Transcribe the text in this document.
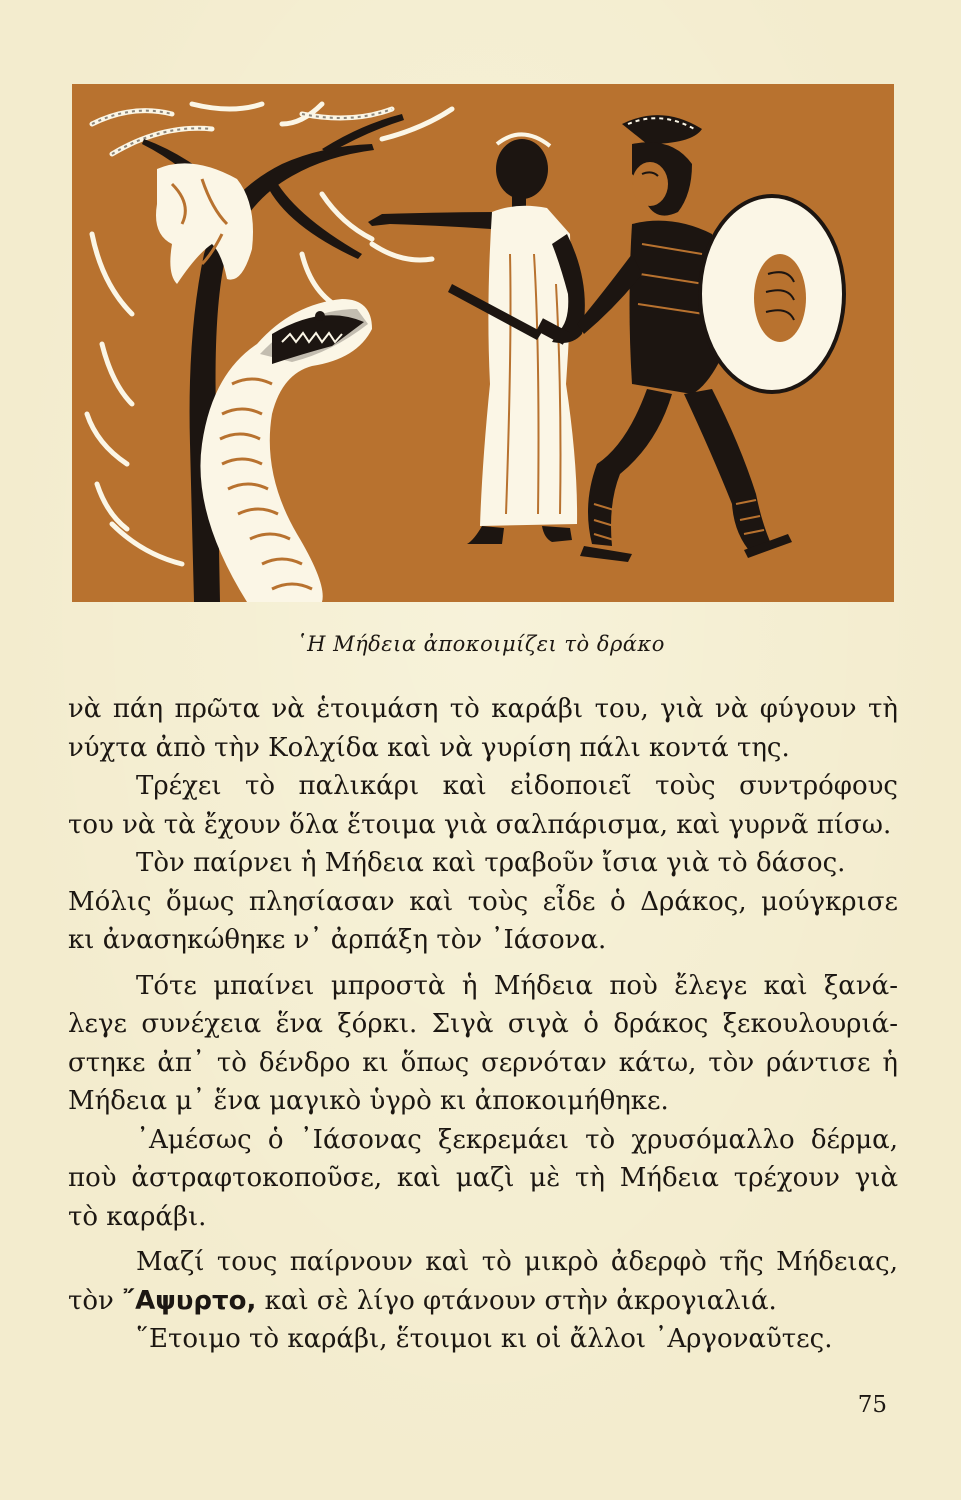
῾Η Μήδεια ἀποκοιμίζει τὸ δράκο
νὰ πάη πρῶτα νὰ ἑτοιμάση τὸ καράβι του, γιὰ νὰ φύγουν τὴ
νύχτα ἀπὸ τὴν Κολχίδα καὶ νὰ γυρίση πάλι κοντά της.
Τρέχει τὸ παλικάρι καὶ εἰδοποιεῖ τοὺς συντρόφους
του νὰ τὰ ἔχουν ὅλα ἕτοιμα γιὰ σαλπάρισμα, καὶ γυρνᾶ πίσω.
Τὸν παίρνει ἡ Μήδεια καὶ τραβοῦν ἴσια γιὰ τὸ δάσος.
Μόλις ὅμως πλησίασαν καὶ τοὺς εἶδε ὁ Δράκος, μούγκρισε
κι ἀνασηκώθηκε ν᾿ ἀρπάξη τὸν ᾿Ιάσονα.
Τότε μπαίνει μπροστὰ ἡ Μήδεια ποὺ ἔλεγε καὶ ξανά-
λεγε συνέχεια ἕνα ξόρκι. Σιγὰ σιγὰ ὁ δράκος ξεκουλουριά-
στηκε ἀπ᾿ τὸ δένδρο κι ὅπως σερνόταν κάτω, τὸν ράντισε ἡ
Μήδεια μ᾿ ἕνα μαγικὸ ὑγρὸ κι ἀποκοιμήθηκε.
᾿Αμέσως ὁ ᾿Ιάσονας ξεκρεμάει τὸ χρυσόμαλλο δέρμα,
ποὺ ἀστραφτοκοποῦσε, καὶ μαζὶ μὲ τὴ Μήδεια τρέχουν γιὰ
τὸ καράβι.
Μαζί τους παίρνουν καὶ τὸ μικρὸ ἀδερφὸ τῆς Μήδειας,
τὸν ῎Αψυρτο, καὶ σὲ λίγο φτάνουν στὴν ἀκρογιαλιά.
῞Ετοιμο τὸ καράβι, ἕτοιμοι κι οἱ ἄλλοι ᾿Αργοναῦτες.
75
